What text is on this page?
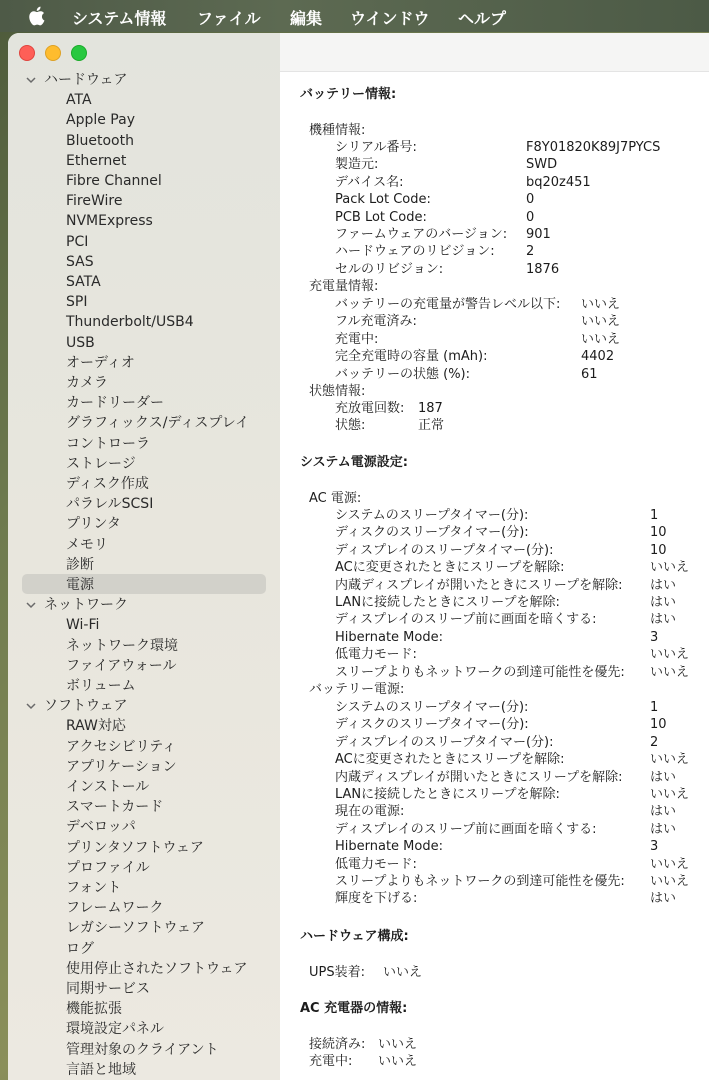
システム情報 ファイル 編集 ウインドウ ヘルプ
ハードウェア
ATA
Apple Pay
Bluetooth
Ethernet
Fibre Channel
FireWire
NVMExpress
PCI
SAS
SATA
SPI
Thunderbolt/USB4
USB
オーディオ
カメラ
カードリーダー
グラフィックス/ディスプレイ
コントローラ
ストレージ
ディスク作成
パラレルSCSI
プリンタ
メモリ
診断
電源
ネットワーク
Wi-Fi
ネットワーク環境
ファイアウォール
ボリューム
ソフトウェア
RAW対応
アクセシビリティ
アプリケーション
インストール
スマートカード
デベロッパ
プリンタソフトウェア
プロファイル
フォント
フレームワーク
レガシーソフトウェア
ログ
使用停止されたソフトウェア
同期サービス
機能拡張
環境設定パネル
管理対象のクライアント
言語と地域
バッテリー情報:
機種情報:
シリアル番号:	F8Y01820K89J7PYCS
製造元:	SWD
デバイス名:	bq20z451
Pack Lot Code:	0
PCB Lot Code:	0
ファームウェアのバージョン: 901
ハードウェアのリビジョン: 2
セルのリビジョン:	1876
充電量情報:
バッテリーの充電量が警告レベル以下: いいえ
フル充電済み:	いいえ
充電中:	いいえ
完全充電時の容量 (mAh):	4402
バッテリーの状態 (%):	61
状態情報:
充放電回数: 187
状態:	正常
システム電源設定:
AC 電源:
システムのスリープタイマー(分):	1
ディスクのスリープタイマー(分):	10
ディスプレイのスリープタイマー(分):	10
ACに変更されたときにスリープを解除:	いいえ
内蔵ディスプレイが開いたときにスリープを解除: はい
LANに接続したときにスリープを解除:	はい
ディスプレイのスリープ前に画面を暗くする:	はい
Hibernate Mode:	3
低電力モード:	いいえ
スリープよりもネットワークの到達可能性を優先: いいえ
バッテリー電源:
システムのスリープタイマー(分):	1
ディスクのスリープタイマー(分):	10
ディスプレイのスリープタイマー(分):	2
ACに変更されたときにスリープを解除:	いいえ
内蔵ディスプレイが開いたときにスリープを解除: はい
LANに接続したときにスリープを解除:	いいえ
現在の電源:	はい
ディスプレイのスリープ前に画面を暗くする:	はい
Hibernate Mode:	3
低電力モード:	いいえ
スリープよりもネットワークの到達可能性を優先: いいえ
輝度を下げる:	はい
ハードウェア構成:
UPS装着: いいえ
AC 充電器の情報:
接続済み: いいえ
充電中: いいえ
